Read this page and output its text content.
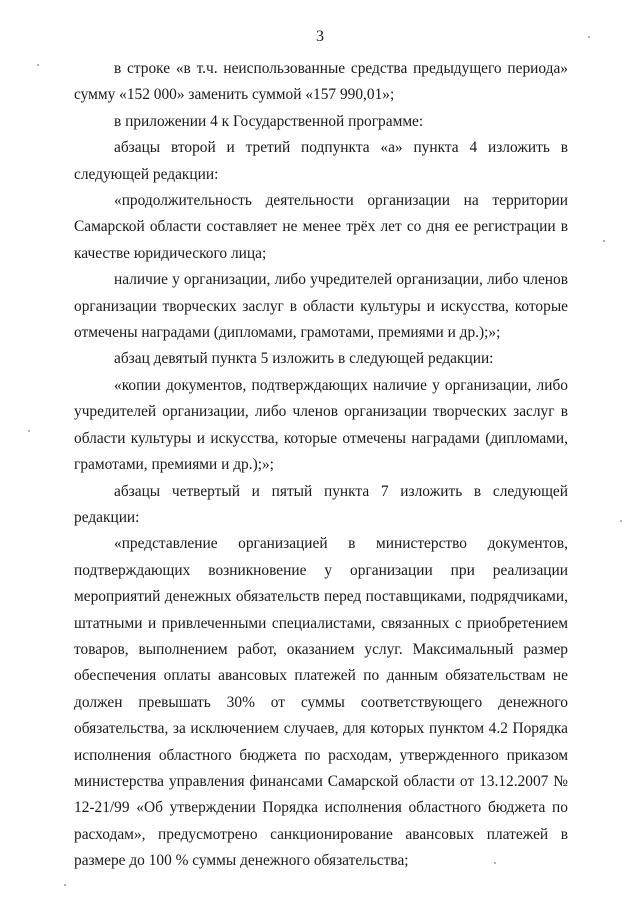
3

в строке «в т.ч. неиспользованные средства предыдущего периода» сумму «152 000» заменить суммой «157 990,01»;

в приложении 4 к Государственной программе:

абзацы второй и третий подпункта «а» пункта 4 изложить в следующей редакции:

«продолжительность деятельности организации на территории Самарской области составляет не менее трёх лет со дня ее регистрации в качестве юридического лица;

наличие у организации, либо учредителей организации, либо членов организации творческих заслуг в области культуры и искусства, которые отмечены наградами (дипломами, грамотами, премиями и др.);»;

абзац девятый пункта 5 изложить в следующей редакции:

«копии документов, подтверждающих наличие у организации, либо учредителей организации, либо членов организации творческих заслуг в области культуры и искусства, которые отмечены наградами (дипломами, грамотами, премиями и др.);»;

абзацы четвертый и пятый пункта 7 изложить в следующей редакции:

«представление организацией в министерство документов, подтверждающих возникновение у организации при реализации мероприятий денежных обязательств перед поставщиками, подрядчиками, штатными и привлеченными специалистами, связанных с приобретением товаров, выполнением работ, оказанием услуг. Максимальный размер обеспечения оплаты авансовых платежей по данным обязательствам не должен превышать 30% от суммы соответствующего денежного обязательства, за исключением случаев, для которых пунктом 4.2 Порядка исполнения областного бюджета по расходам, утвержденного приказом министерства управления финансами Самарской области от 13.12.2007 № 12-21/99 «Об утверждении Порядка исполнения областного бюджета по расходам», предусмотрено санкционирование авансовых платежей в размере до 100 % суммы денежного обязательства;
